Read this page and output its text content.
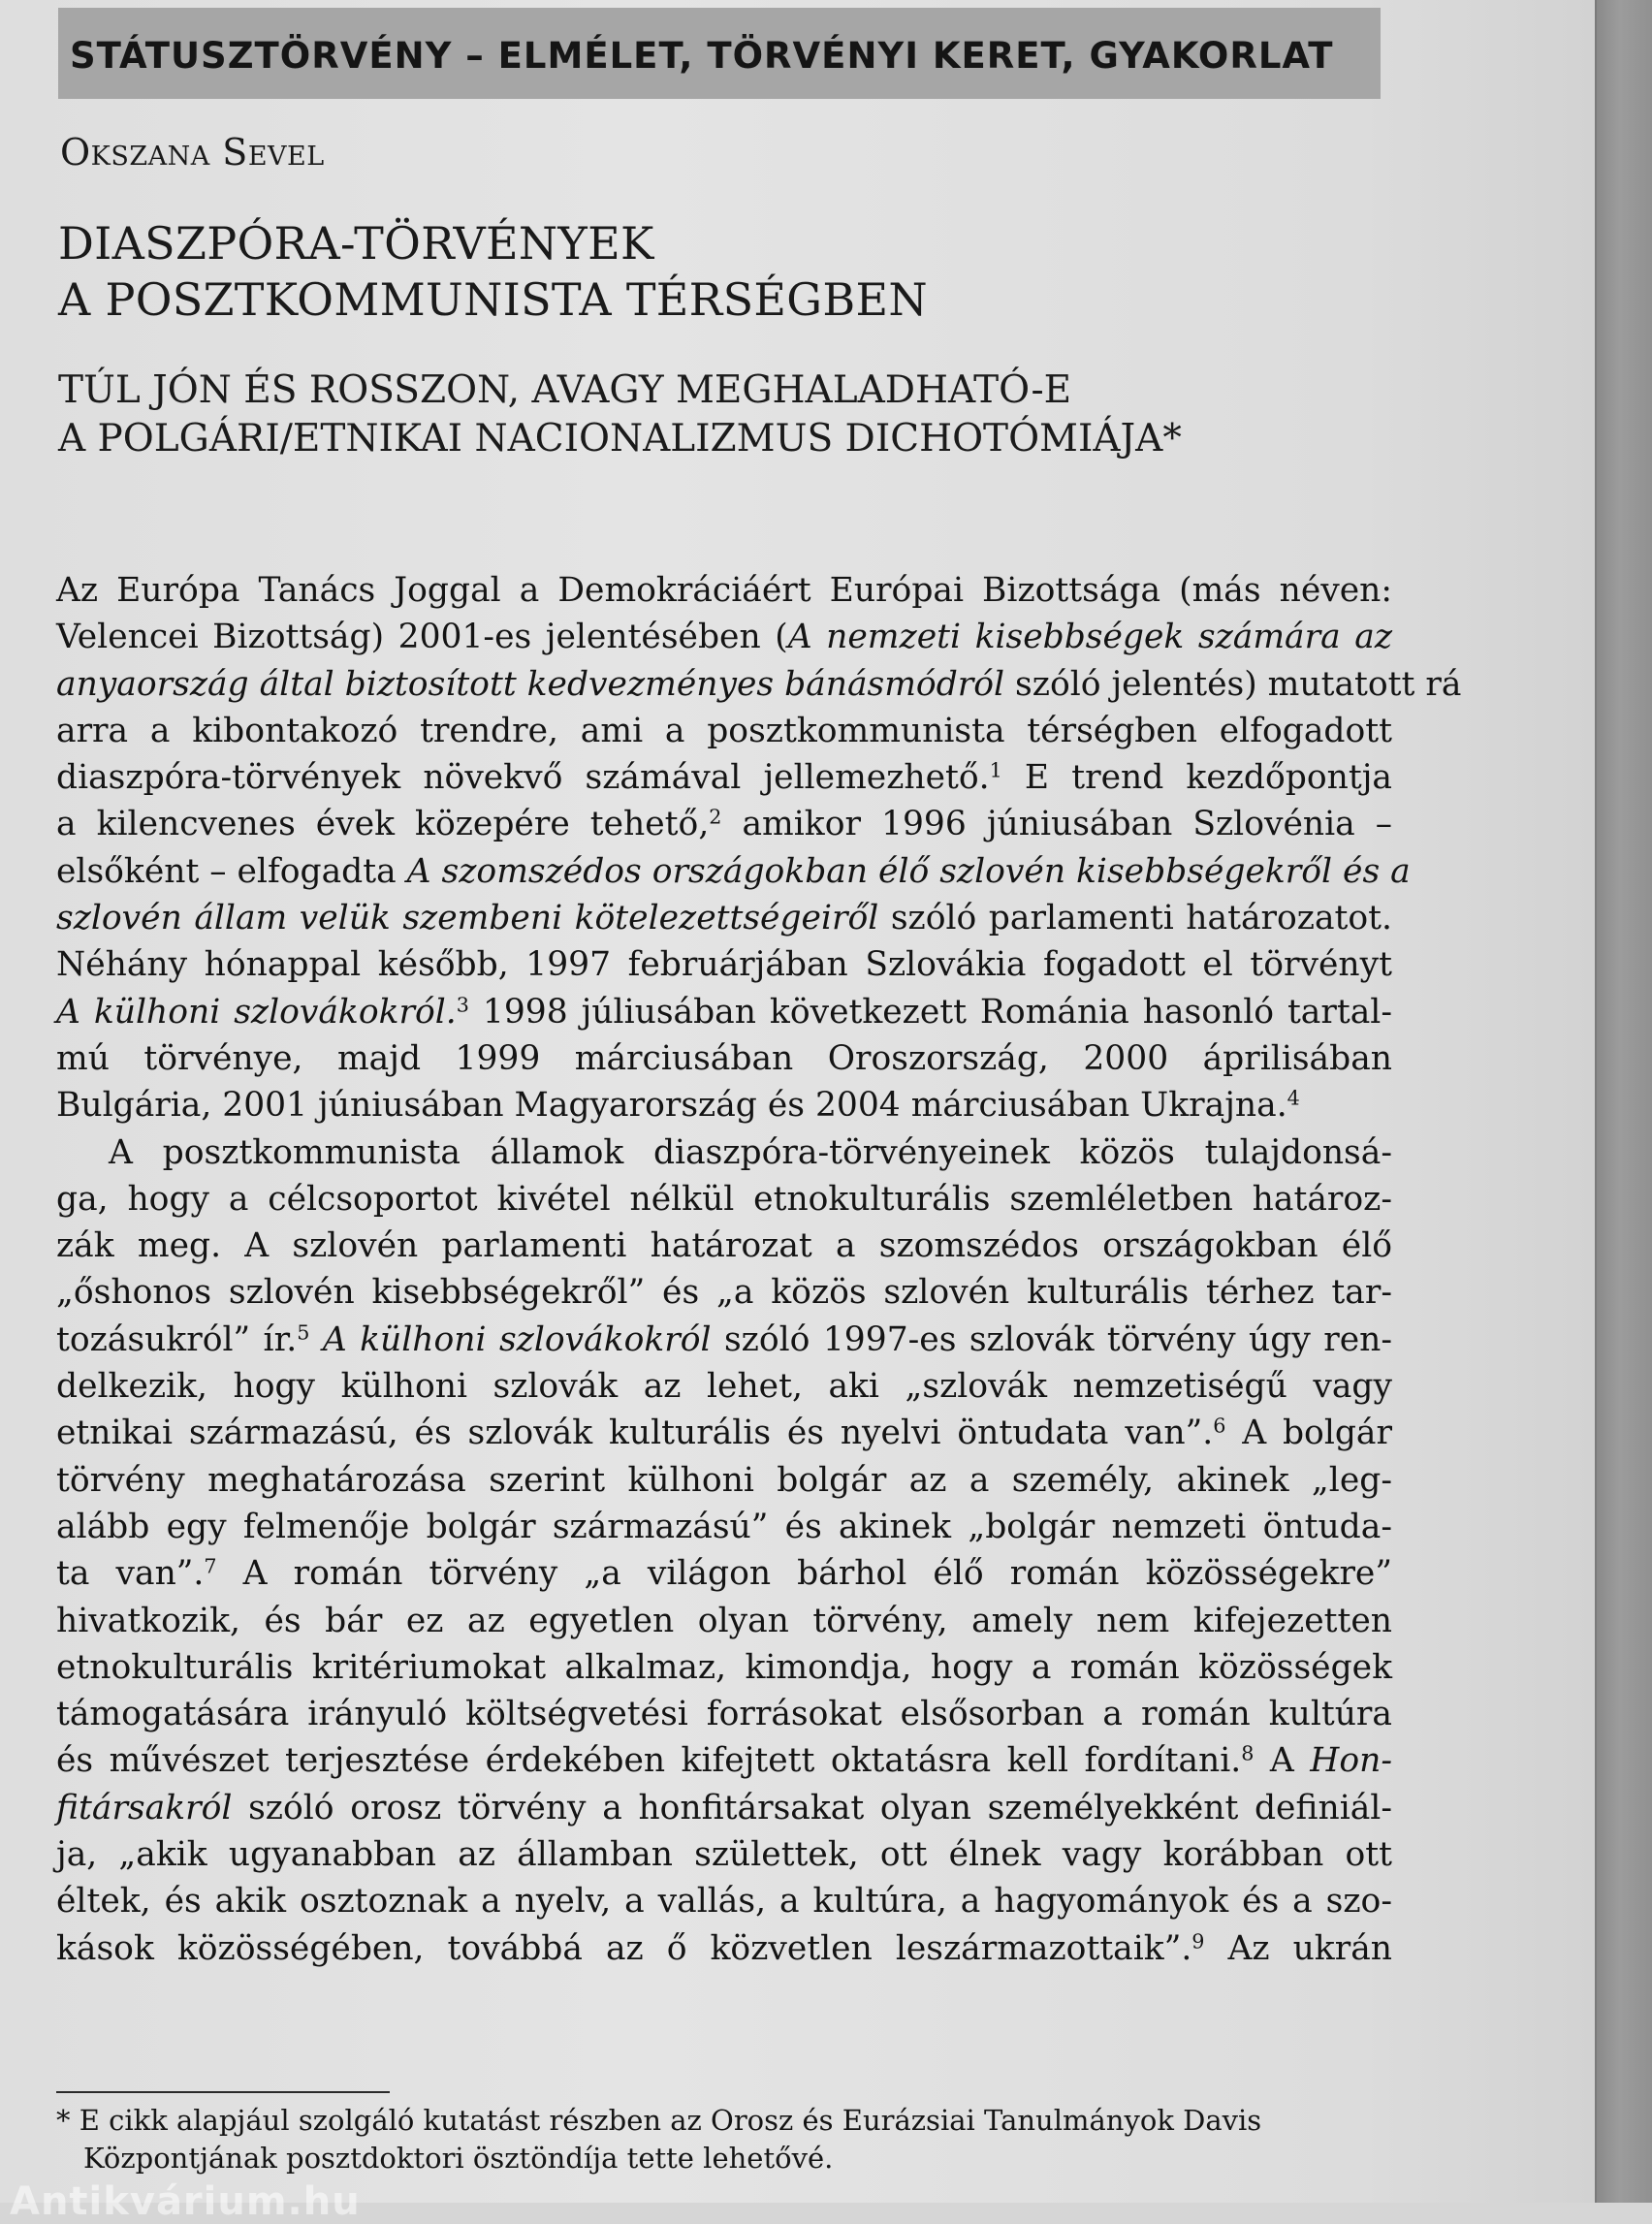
STÁTUSZTÖRVÉNY – ELMÉLET, TÖRVÉNYI KERET, GYAKORLAT
Okszana Sevel
DIASZPÓRA-TÖRVÉNYEK
A POSZTKOMMUNISTA TÉRSÉGBEN
TÚL JÓN ÉS ROSSZON, AVAGY MEGHALADHATÓ-E
A POLGÁRI/ETNIKAI NACIONALIZMUS DICHOTÓMIÁJA*
Az Európa Tanács Joggal a Demokráciáért Európai Bizottsága (más néven:
Velencei Bizottság) 2001-es jelentésében (A nemzeti kisebbségek számára az
anyaország által biztosított kedvezményes bánásmódról szóló jelentés) mutatott rá
arra a kibontakozó trendre, ami a posztkommunista térségben elfogadott
diaszpóra-törvények növekvő számával jellemezhető.$^1$ E trend kezdőpontja
a kilencvenes évek közepére tehető,$^2$ amikor 1996 júniusában Szlovénia –
elsőként – elfogadta A szomszédos országokban élő szlovén kisebbségekről és a
szlovén állam velük szembeni kötelezettségeiről szóló parlamenti határozatot.
Néhány hónappal később, 1997 februárjában Szlovákia fogadott el törvényt
A külhoni szlovákokról.$^3$ 1998 júliusában következett Románia hasonló tartal-
mú törvénye, majd 1999 márciusában Oroszország, 2000 áprilisában
Bulgária, 2001 júniusában Magyarország és 2004 márciusában Ukrajna.$^4$
A posztkommunista államok diaszpóra-törvényeinek közös tulajdonsá-
ga, hogy a célcsoportot kivétel nélkül etnokulturális szemléletben határoz-
zák meg. A szlovén parlamenti határozat a szomszédos országokban élő
„őshonos szlovén kisebbségekről” és „a közös szlovén kulturális térhez tar-
tozásukról” ír.$^5$ A külhoni szlovákokról szóló 1997-es szlovák törvény úgy ren-
delkezik, hogy külhoni szlovák az lehet, aki „szlovák nemzetiségű vagy
etnikai származású, és szlovák kulturális és nyelvi öntudata van”.$^6$ A bolgár
törvény meghatározása szerint külhoni bolgár az a személy, akinek „leg-
alább egy felmenője bolgár származású” és akinek „bolgár nemzeti öntuda-
ta van”.$^7$ A román törvény „a világon bárhol élő román közösségekre”
hivatkozik, és bár ez az egyetlen olyan törvény, amely nem kifejezetten
etnokulturális kritériumokat alkalmaz, kimondja, hogy a román közösségek
támogatására irányuló költségvetési forrásokat elsősorban a román kultúra
és művészet terjesztése érdekében kifejtett oktatásra kell fordítani.$^8$ A Hon-
fitársakról szóló orosz törvény a honfitársakat olyan személyekként definiál-
ja, „akik ugyanabban az államban születtek, ott élnek vagy korábban ott
éltek, és akik osztoznak a nyelv, a vallás, a kultúra, a hagyományok és a szo-
kások közösségében, továbbá az ő közvetlen leszármazottaik”.$^9$ Az ukrán
* E cikk alapjául szolgáló kutatást részben az Orosz és Eurázsiai Tanulmányok Davis
Központjának posztdoktori ösztöndíja tette lehetővé.
Antikvárium.hu
